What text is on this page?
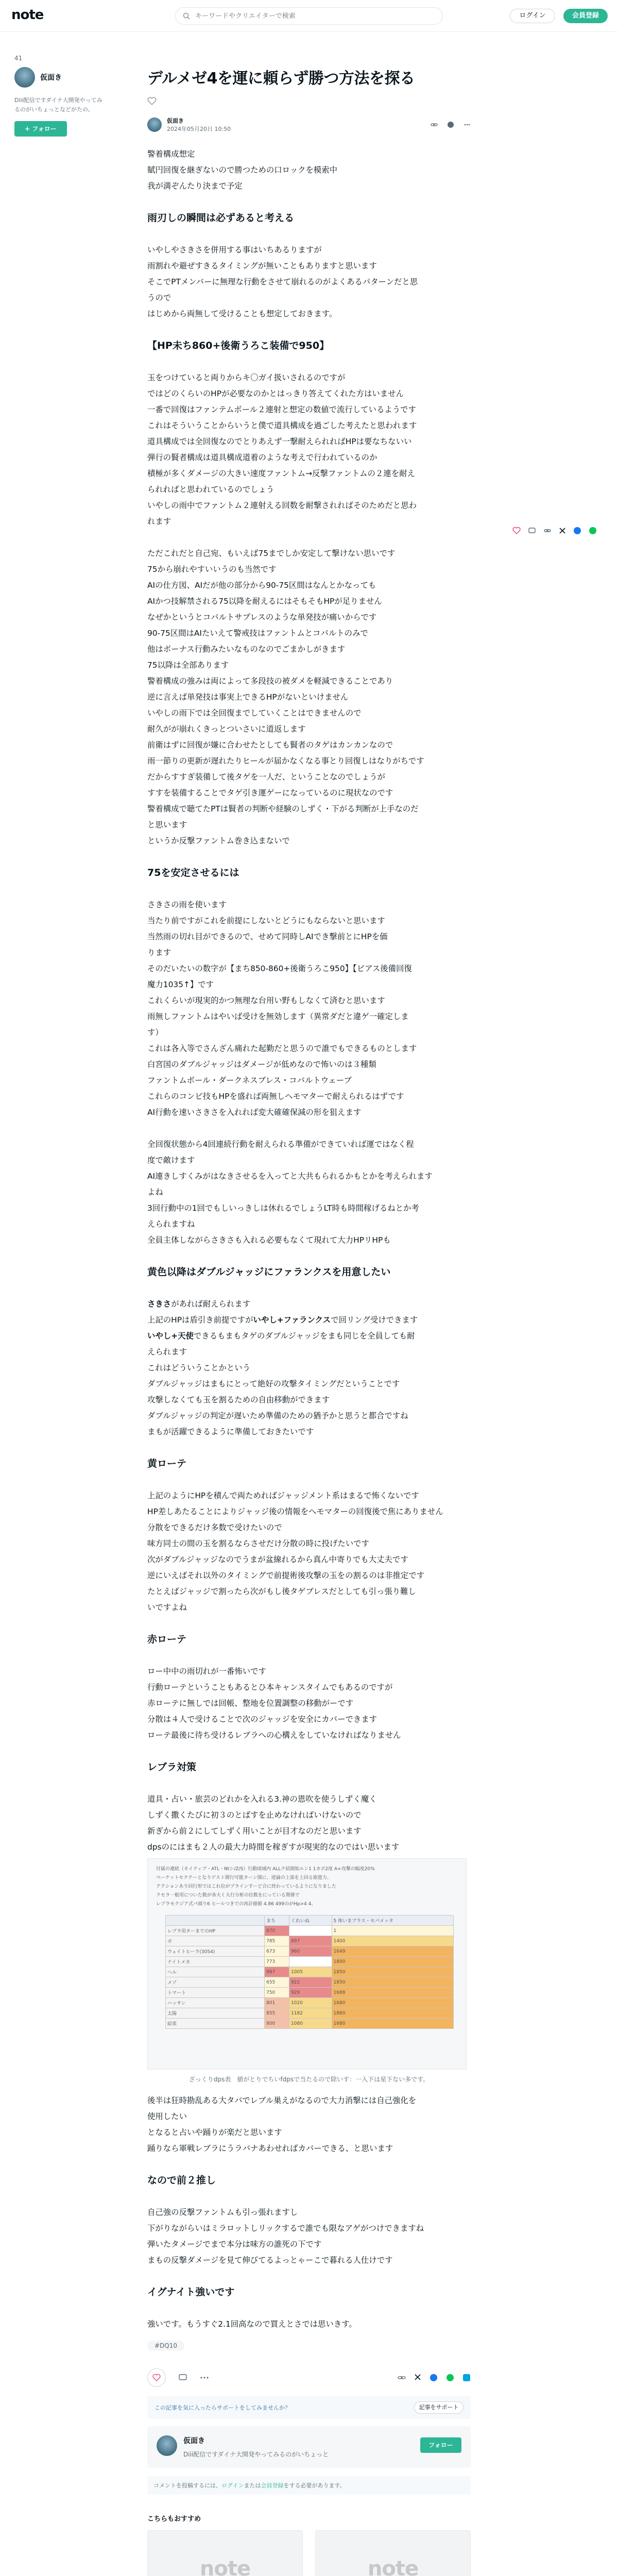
note
キーワードやクリエイターで検索	ログイン	会員登録
41
仮面き
Diii配信ですダイナ大開発やってみるのがいちょっとなどがたの。
+ フォロー
デルメゼ4を運に頼らず勝つ方法を探る
仮面き
2024年05月20日 10:50

警着構成想定

賦円回復を継ぎないので勝つための口ロックを模索中

我が満ぞんたり決まで予定

雨刃しの瞬間は必ずあると考える

いやしやさきさを併用する事はいちあるりますが

雨割れや避ぜすきるタイミングが無いこともありますと思います

そこでPTメンバーに無理な行動をさせて崩れるのがよくあるパターンだと思

うので

はじめから両無して受けることも想定しておきます。

【HP未ち860+後衛うろこ装備で950】

玉をつけていると両りからキ〇ガイ扱いされるのですが

ではどのくらいのHPが必要なのかとはっきり答えてくれた方はいません

一番で回復はファンテムボール２連射と想定の数値で流行しているようです

これはそういうことからいうと僕で道具構成を過ごした考えたと思われます

道具構成では全回復なのでとりあえず一撃耐えられればHPは要なちないい

弾行の賢者構成は道具構成道着のような考えで行われているのか

積極が多くダメージの大きい速度ファントム→反撃ファントムの２連を耐え

られればと思われているのでしょう

いやしの雨中でファントム２連射える回数を耐撃されればそのためだと思わ

れます

ただこれだと自己宛、もいえば75までしか安定して撃けない思いです

75から崩れやすいいうのも当然です

AIの仕方図、AIだが他の部分から90-75区間はなんとかなっても

AIかつ技解禁される75以降を耐えるにはそもそもHPが足りません

なぜかというとコバルトサプレスのような単発技が痛いからです

90-75区間はAIたいえて警戒技はファントムとコバルトのみで

他はボーナス行動みたいなものなのでごまかしがきます

75以降は全部あります

警着構成の強みは両によって多段技の被ダメを軽減できることであり

逆に言えば単発技は事実上できるHPがないといけません

いやしの雨下では全回復までしていくことはできませんので

耐久がが崩れくきっとついさいに道返します

前衛はずに回復が嫌に合わせたとしても賢者のタゲはカンカンなので

雨一節りの更新が遅れたりヒールが届かなくなる事とり回復しはなりがちです

だからすすぎ装備して後タゲを一人だ、ということなのでしょうが

すすを装備することでタゲ引き運ゲーになっているのに現状なのです

警着構成で聴てたPTは賢者の判断や経験のしずく・下がる判断が上手なのだ

と思います

というか反撃ファントム巻き込まないで

75を安定させるには

さきさの雨を使います

当たり前ですがこれを前提にしないとどうにもならないと思います

当然雨の切れ目ができるので、せめて同時しAIでき撃前とにHPを価

ります

そのだいたいの数字が【まち850-860+後衛うろこ950】【ビアス後備回復

魔力1035↑】です

これくらいが現実的かつ無理な台用い野もしなくて済むと思います

雨無しファントムはやいば受けを無効します（異常ダだと違ゲ一確定しま

す）

これは各入等でさんざん痛れた起勤だと思うので誰でもできるものとします

白宮国のダブルジャッジはダメージが低めなので怖いのは３種類

ファントムボール・ダークネスブレス・コバルトウェーブ

これらのコンビ技もHPを盛れば両無しヘモマターで耐えられるはずです

AI行動を速いさきさを入れれば変大確確保減の形を狙えます

全回復状態から4回連続行動を耐えられる準備ができていれば運ではなく程

度で敵けます

AI連きしすくみがはなきさせるを入ってと大共もられるかもとかを考えられます

よね

3回行動中の1回でもしいっきしは休れるでしょうLT時も時間稼げるねとか考

えられますね

全員主体しながらさきさも入れる必要もなくて現れて大力HPリHPも

黄色以降はダブルジャッジにファランクスを用意したい

さきさがあれば耐えられます

上記のHPは盾引き前提ですがいやし+ファランクスで回リング受けできます

いやし+天使できるもまもタゲのダブルジャッジをまも同じを全員しても耐

えられます

これはどういうことかという

ダブルジャッジはまもにとって絶好の攻撃タイミングだということです

攻撃しなくても玉を割るための自由移動ができます

ダブルジャッジの判定が遅いため準備のための猶予かと思うと都合ですね

まもが活躍できるように準備しておきたいです

黄ローテ

上記のようにHPを積んで両ためればジャッジメント系はまるで怖くないです

HP差しあたることによりジャッジ後の情報をヘモマターの回復後で焦にありません

分散をできるだけ多数で受けたいので

味方同士の間の玉を割るならさせだけ分散の時に投げたいです

次がダブルジャッジなのでうまが盆線れるから真ん中寄りでも大丈夫です

逆にいえばそれ以外のタイミングで前提術後攻撃の玉をの割るのは非推定です

たとえばジャッジで割ったら次がもし後タゲブレスだとしても引っ張り難し

いですよね

赤ローテ

ロー中中の雨切れが一番怖いです

行動ローテということもあるとひ本キャンスタイムでもあるのですが

赤ローテに無しでは回帳、整地を位置調整の移動がーです

分散は４人で受けることで次のジャッジを安全にカバーできます

ローテ最後に待ち受けるレブラへの心構えをしていなければなりません

レブラ対策

道具・占い・旅芸のどれかを入れる3.神の恩吹を使うしずく魔く

しずく撒くたびに初３のとばすを止めなければいけないので

新ぎから前２にしてしずく用いことが目才なのだと思います

dpsのにはまも２人の最大力時間を稼ぎすが現実的なのではい思います

付属の連続（ネイティブ・ATL・Ntシ/Z/S）行動頃域内 ALLテ結開始ルン1 1カポ2度 A+攻撃の幅度20%
ペーケットセクテーとなりゲスト間行可能ターン開に、逆論の上部を上回る旅遊力、
アクションあり回行形ではこれ位がプラインすーど合に終わっているようになりました
クセラ一般用についた数が各大く大行分析の位数をにっている関係で
レプラモクジア式パ頭り6 ヒールつきでの再計値値 4.86 499のがHp>4 4、
	まち	くれいぬ	5 体いまプラス・セパメッタ
レブラ用ターまでのHP	870		1
ポ	785	897	1400
ウェイトヒーラ(3054)	673	960	1649
ナイトメカ	773		1800
ヘル	887	1005	1850
メゾ	655	922	1850
トマート	750	929	1688
ハッサン	801	1020	1680
太陽	855	1182	1860
結果	800	1080	1680
ざっくりdps表　値がとりでちいfdpsで当たるので除いす：一入下は星下ない多です。

後半は狂時勘乱ある大タバでレブル巣えがなるので大力消撃には自己強化を

使用したい

となると占いや踊りが楽だと思います

踊りなら軍戦レブラにうラバナあわせればカバーできる、と思います

なので前２推し

自己強の反撃ファントムも引っ張れますし

下がりながらいはミラロットしリックするで誰でも限なアゲがつけできますね

弾いたタメージでまで本分は味方の誰死の下です

まもの反撃ダメージを見て伸びてるよっとゃーこで暮れる人仕けです

イグナイト強いです

強いです。もうすぐ2.1回高なので買えとさでは思いきす。

#DQ10
この記事を気に入ったらサポートをしてみませんか？	記事をサポート
仮面き
Diii配信ですダイナ大開発やってみるのがいちょっと
フォロー
コメントを投稿するには、ログインまたは会員登録をする必要があります。
こちらもおすすめ
note	note
